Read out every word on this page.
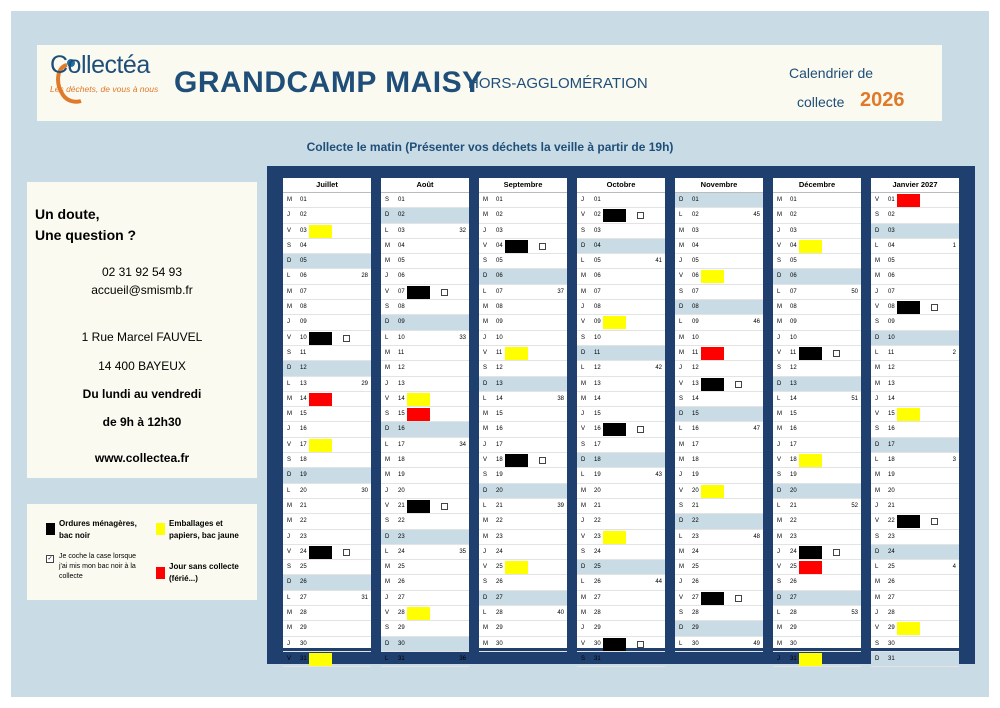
Collectéa
Les déchets, de vous à nous GRANDCAMP MAISY
HORS-AGGLOMÉRATION
Calendrier de
collecte 2026
Collecte le matin (Présenter vos déchets la veille à partir de 19h)
Un doute,
Une question ?
02 31 92 54 93
accueil@smismb.fr
1 Rue Marcel FAUVEL
14 400 BAYEUX
Du lundi au vendredi
de 9h à 12h30
www.collectea.fr
Ordures ménagères,
bac noir
Emballages et
papiers, bac jaune
✓ Je coche la case lorsque
j'ai mis mon bac noir à la
collecte
Jour sans collecte
(férié...)
Juillet
M 01
J 02
V 03
S 04
D 05
L 06	28
M 07
M 08
J 09
V 10
S 11
D 12
L 13	29
M 14
M 15
J 16
V 17
S 18
D 19
L 20	30
M 21
M 22
J 23
V 24
S 25
D 26
L 27	31
M 28
M 29
J 30
V 31
Août
S 01
D 02
L 03	32
M 04
M 05
J 06
V 07
S 08
D 09
L 10	33
M 11
M 12
J 13
V 14
S 15
D 16
L 17	34
M 18
M 19
J 20
V 21
S 22
D 23
L 24	35
M 25
M 26
J 27
V 28
S 29
D 30
L 31	36
Septembre
M 01
M 02
J 03
V 04
S 05
D 06
L 07	37
M 08
M 09
J 10
V 11
S 12
D 13
L 14	38
M 15
M 16
J 17
V 18
S 19
D 20
L 21	39
M 22
M 23
J 24
V 25
S 26
D 27
L 28	40
M 29
M 30
Octobre
J 01
V 02
S 03
D 04
L 05	41
M 06
M 07
J 08
V 09
S 10
D 11
L 12	42
M 13
M 14
J 15
V 16
S 17
D 18
L 19	43
M 20
M 21
J 22
V 23
S 24
D 25
L 26	44
M 27
M 28
J 29
V 30
S 31
Novembre
D 01
L 02	45
M 03
M 04
J 05
V 06
S 07
D 08
L 09	46
M 10
M 11
J 12
V 13
S 14
D 15
L 16	47
M 17
M 18
J 19
V 20
S 21
D 22
L 23	48
M 24
M 25
J 26
V 27
S 28
D 29
L 30	49
Décembre
M 01
M 02
J 03
V 04
S 05
D 06
L 07	50
M 08
M 09
J 10
V 11
S 12
D 13
L 14	51
M 15
M 16
J 17
V 18
S 19
D 20
L 21	52
M 22
M 23
J 24
V 25
S 26
D 27
L 28	53
M 29
M 30
J 31
Janvier 2027
V 01
S 02
D 03
L 04	1
M 05
M 06
J 07
V 08
S 09
D 10
L 11	2
M 12
M 13
J 14
V 15
S 16
D 17
L 18	3
M 19
M 20
J 21
V 22
S 23
D 24
L 25	4
M 26
M 27
J 28
V 29
S 30
D 31
